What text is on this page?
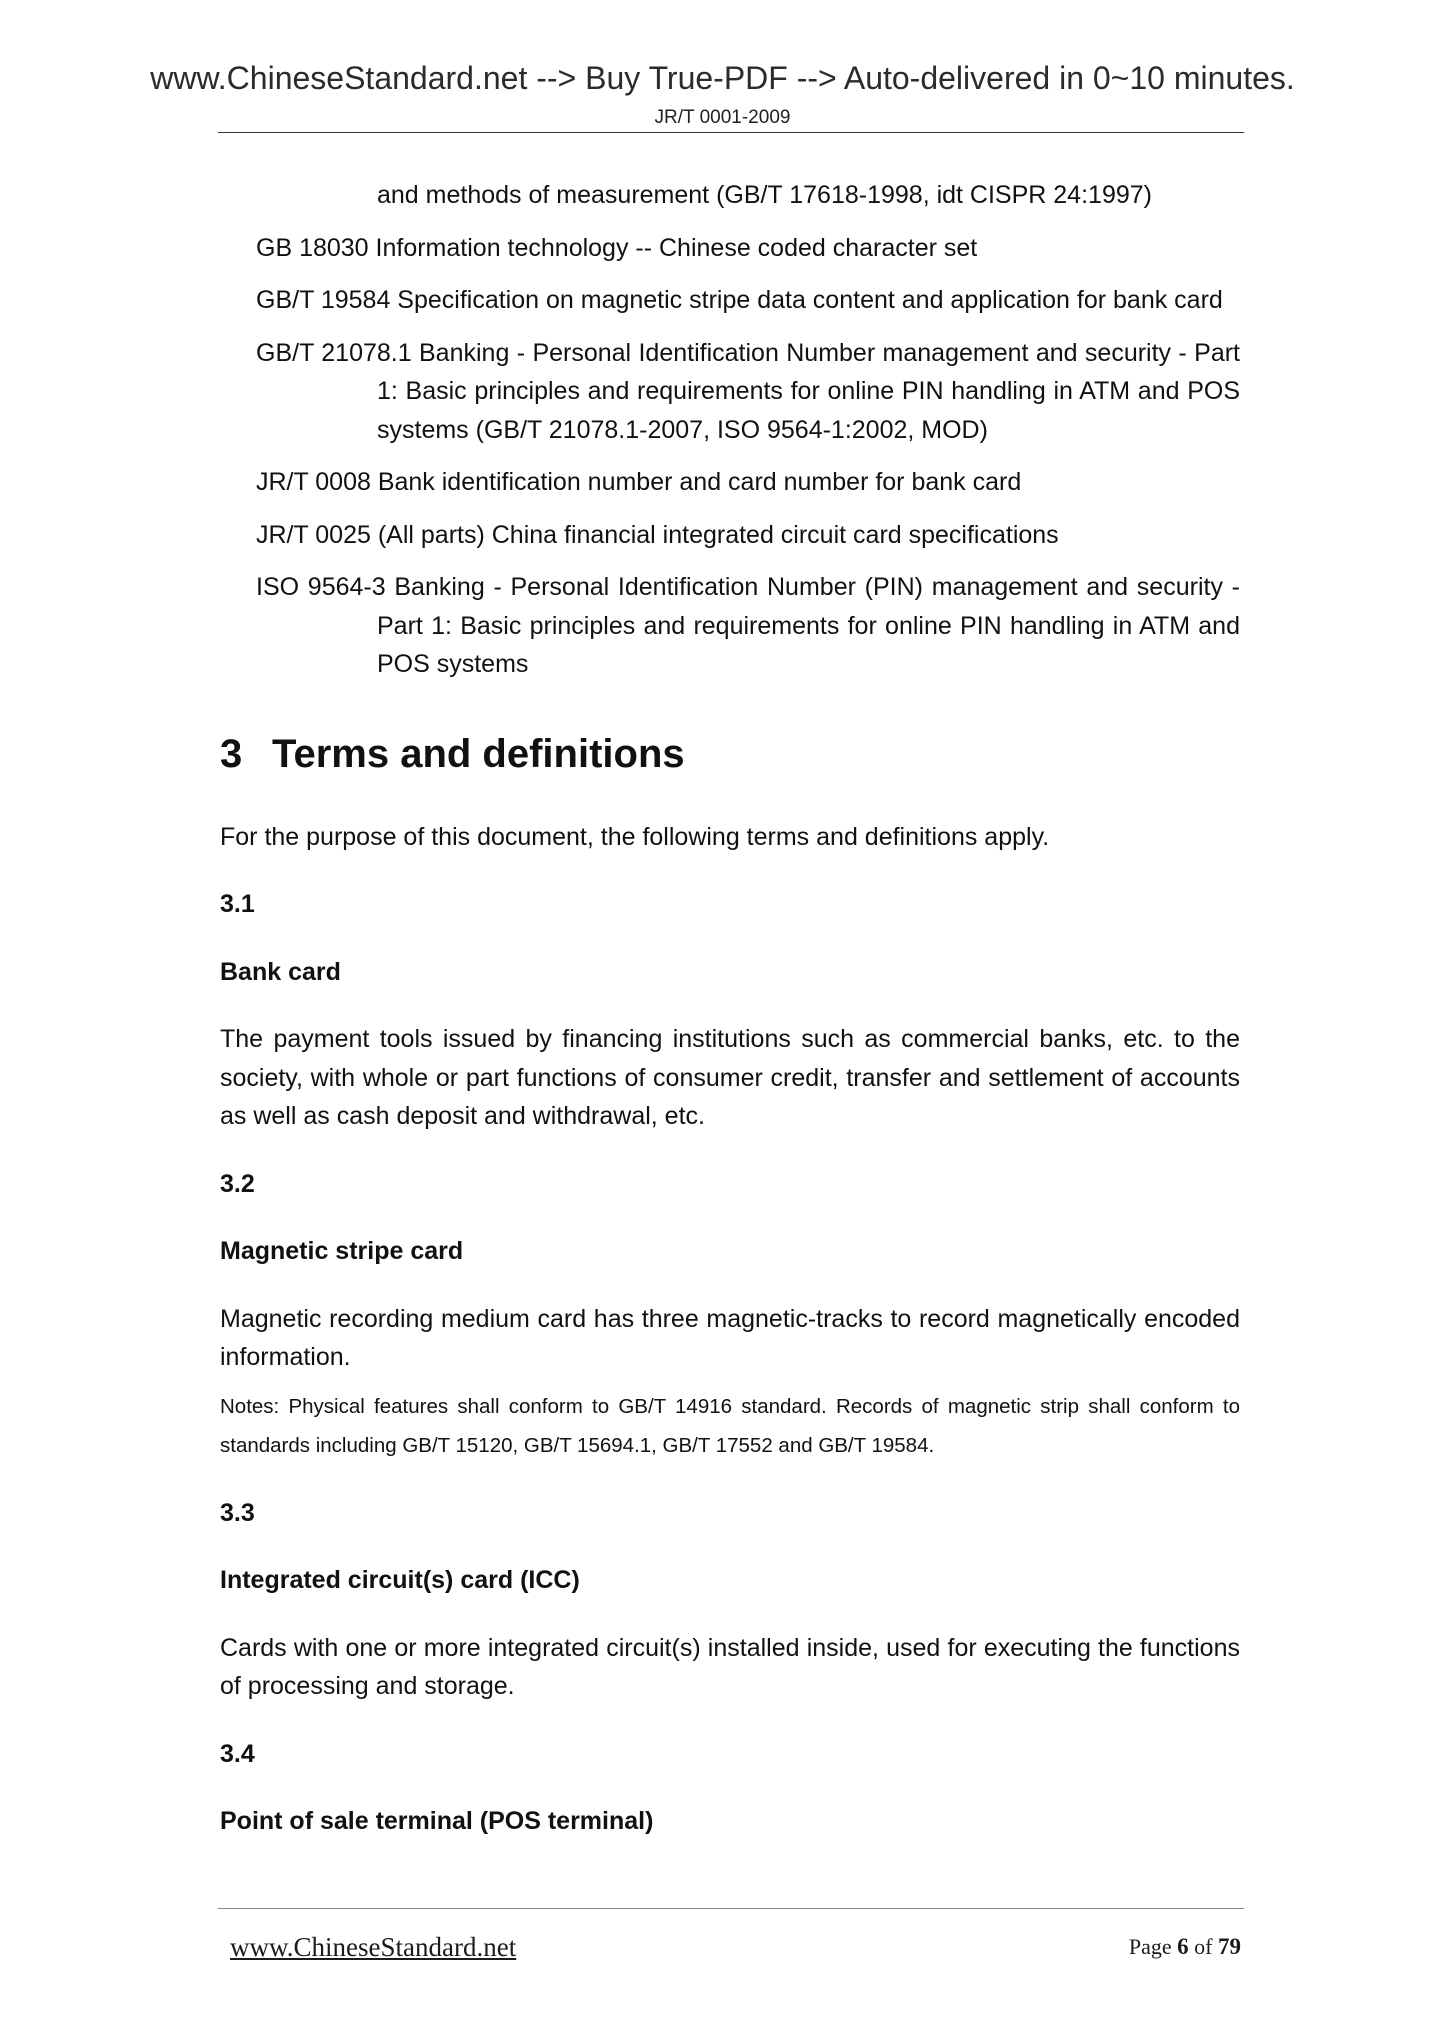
www.ChineseStandard.net --> Buy True-PDF --> Auto-delivered in 0~10 minutes.
JR/T 0001-2009

and methods of measurement (GB/T 17618-1998, idt CISPR 24:1997)

GB 18030 Information technology -- Chinese coded character set

GB/T 19584 Specification on magnetic stripe data content and application for bank card

GB/T 21078.1 Banking - Personal Identification Number management and security - Part 1: Basic principles and requirements for online PIN handling in ATM and POS systems (GB/T 21078.1-2007, ISO 9564-1:2002, MOD)

JR/T 0008 Bank identification number and card number for bank card

JR/T 0025 (All parts) China financial integrated circuit card specifications

ISO 9564-3 Banking - Personal Identification Number (PIN) management and security - Part 1: Basic principles and requirements for online PIN handling in ATM and POS systems

3 Terms and definitions

For the purpose of this document, the following terms and definitions apply.

3.1
Bank card

The payment tools issued by financing institutions such as commercial banks, etc. to the society, with whole or part functions of consumer credit, transfer and settlement of accounts as well as cash deposit and withdrawal, etc.

3.2
Magnetic stripe card

Magnetic recording medium card has three magnetic-tracks to record magnetically encoded information.

Notes: Physical features shall conform to GB/T 14916 standard. Records of magnetic strip shall conform to standards including GB/T 15120, GB/T 15694.1, GB/T 17552 and GB/T 19584.

3.3
Integrated circuit(s) card (ICC)

Cards with one or more integrated circuit(s) installed inside, used for executing the functions of processing and storage.

3.4
Point of sale terminal (POS terminal)
www.ChineseStandard.net	Page 6 of 79
